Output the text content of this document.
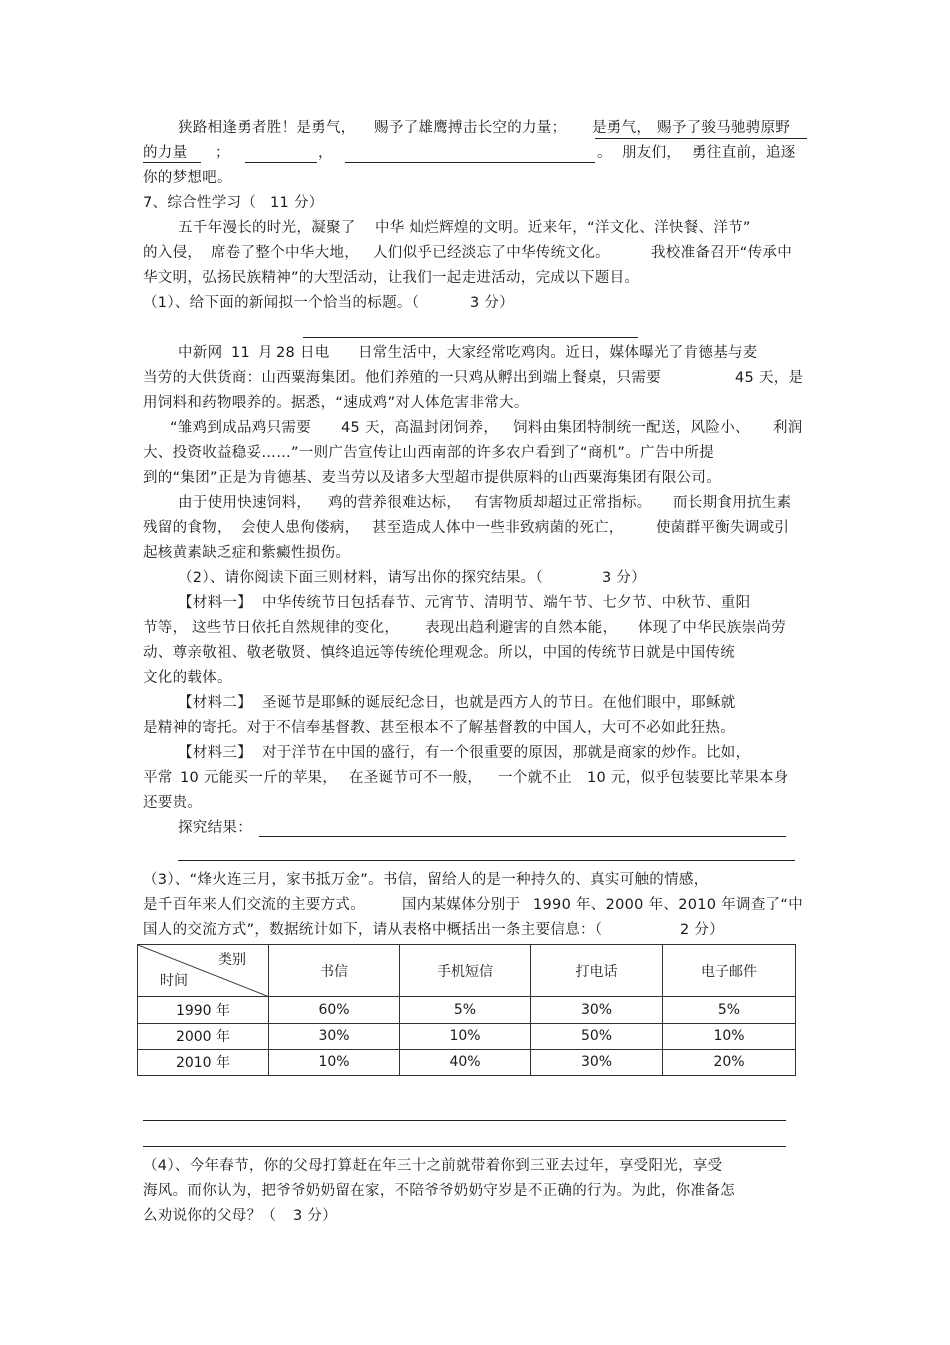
狭路相逢勇者胜！是勇气， 赐予了雄鹰搏击长空的力量； 是勇气， 赐予了骏马驰骋原野
的力量 ；	，	。 朋友们， 勇往直前，追逐
你的梦想吧。
7、综合性学习（ 11 分）
五千年漫长的时光，凝聚了 中华 灿烂辉煌的文明。近来年，“洋文化、洋快餐、洋节”
的入侵， 席卷了整个中华大地， 人们似乎已经淡忘了中华传统文化。	我校准备召开“传承中
华文明，弘扬民族精神”的大型活动，让我们一起走进活动，完成以下题目。
（1）、给下面的新闻拟一个恰当的标题。（	3 分）
中新网 11 月 28 日电 日常生活中，大家经常吃鸡肉。近日，媒体曝光了肯德基与麦
当劳的大供货商：山西粟海集团。他们养殖的一只鸡从孵出到端上餐桌，只需要	45 天，是
用饲料和药物喂养的。据悉，“速成鸡”对人体危害非常大。
“雏鸡到成品鸡只需要 45 天，高温封闭饲养， 饲料由集团特制统一配送，风险小、 利润
大、投资收益稳妥……”一则广告宣传让山西南部的许多农户看到了“商机”。广告中所提
到的“集团”正是为肯德基、麦当劳以及诸多大型超市提供原料的山西粟海集团有限公司。
由于使用快速饲料， 鸡的营养很难达标， 有害物质却超过正常指标。 而长期食用抗生素
残留的食物， 会使人患佝偻病， 甚至造成人体中一些非致病菌的死亡， 使菌群平衡失调或引
起核黄素缺乏症和紫癜性损伤。
（2）、请你阅读下面三则材料，请写出你的探究结果。（	3 分）
【材料一】 中华传统节日包括春节、元宵节、清明节、端午节、七夕节、中秋节、重阳
节等， 这些节日依托自然规律的变化， 表现出趋利避害的自然本能， 体现了中华民族崇尚劳
动、尊亲敬祖、敬老敬贤、慎终追远等传统伦理观念。所以，中国的传统节日就是中国传统
文化的载体。
【材料二】 圣诞节是耶稣的诞辰纪念日，也就是西方人的节日。在他们眼中，耶稣就
是精神的寄托。对于不信奉基督教、甚至根本不了解基督教的中国人，大可不必如此狂热。
【材料三】 对于洋节在中国的盛行，有一个很重要的原因，那就是商家的炒作。比如，
平常 10 元能买一斤的苹果， 在圣诞节可不一般， 一个就不止 10 元，似乎包装要比苹果本身
还要贵。
探究结果：
（3）、“烽火连三月，家书抵万金”。书信，留给人的是一种持久的、真实可触的情感，
是千百年来人们交流的主要方式。	国内某媒体分别于 1990 年、2000 年、2010 年调查了“中
国人的交流方式”，数据统计如下，请从表格中概括出一条主要信息：（	2 分）
类别
时间	书信	手机短信	打电话	电子邮件
1990 年	60%	5%	30%	5%
2000 年	30%	10%	50%	10%
2010 年	10%	40%	30%	20%
（4）、今年春节，你的父母打算赶在年三十之前就带着你到三亚去过年，享受阳光，享受
海风。而你认为，把爷爷奶奶留在家，不陪爷爷奶奶守岁是不正确的行为。为此，你准备怎
么劝说你的父母？（ 3 分）
